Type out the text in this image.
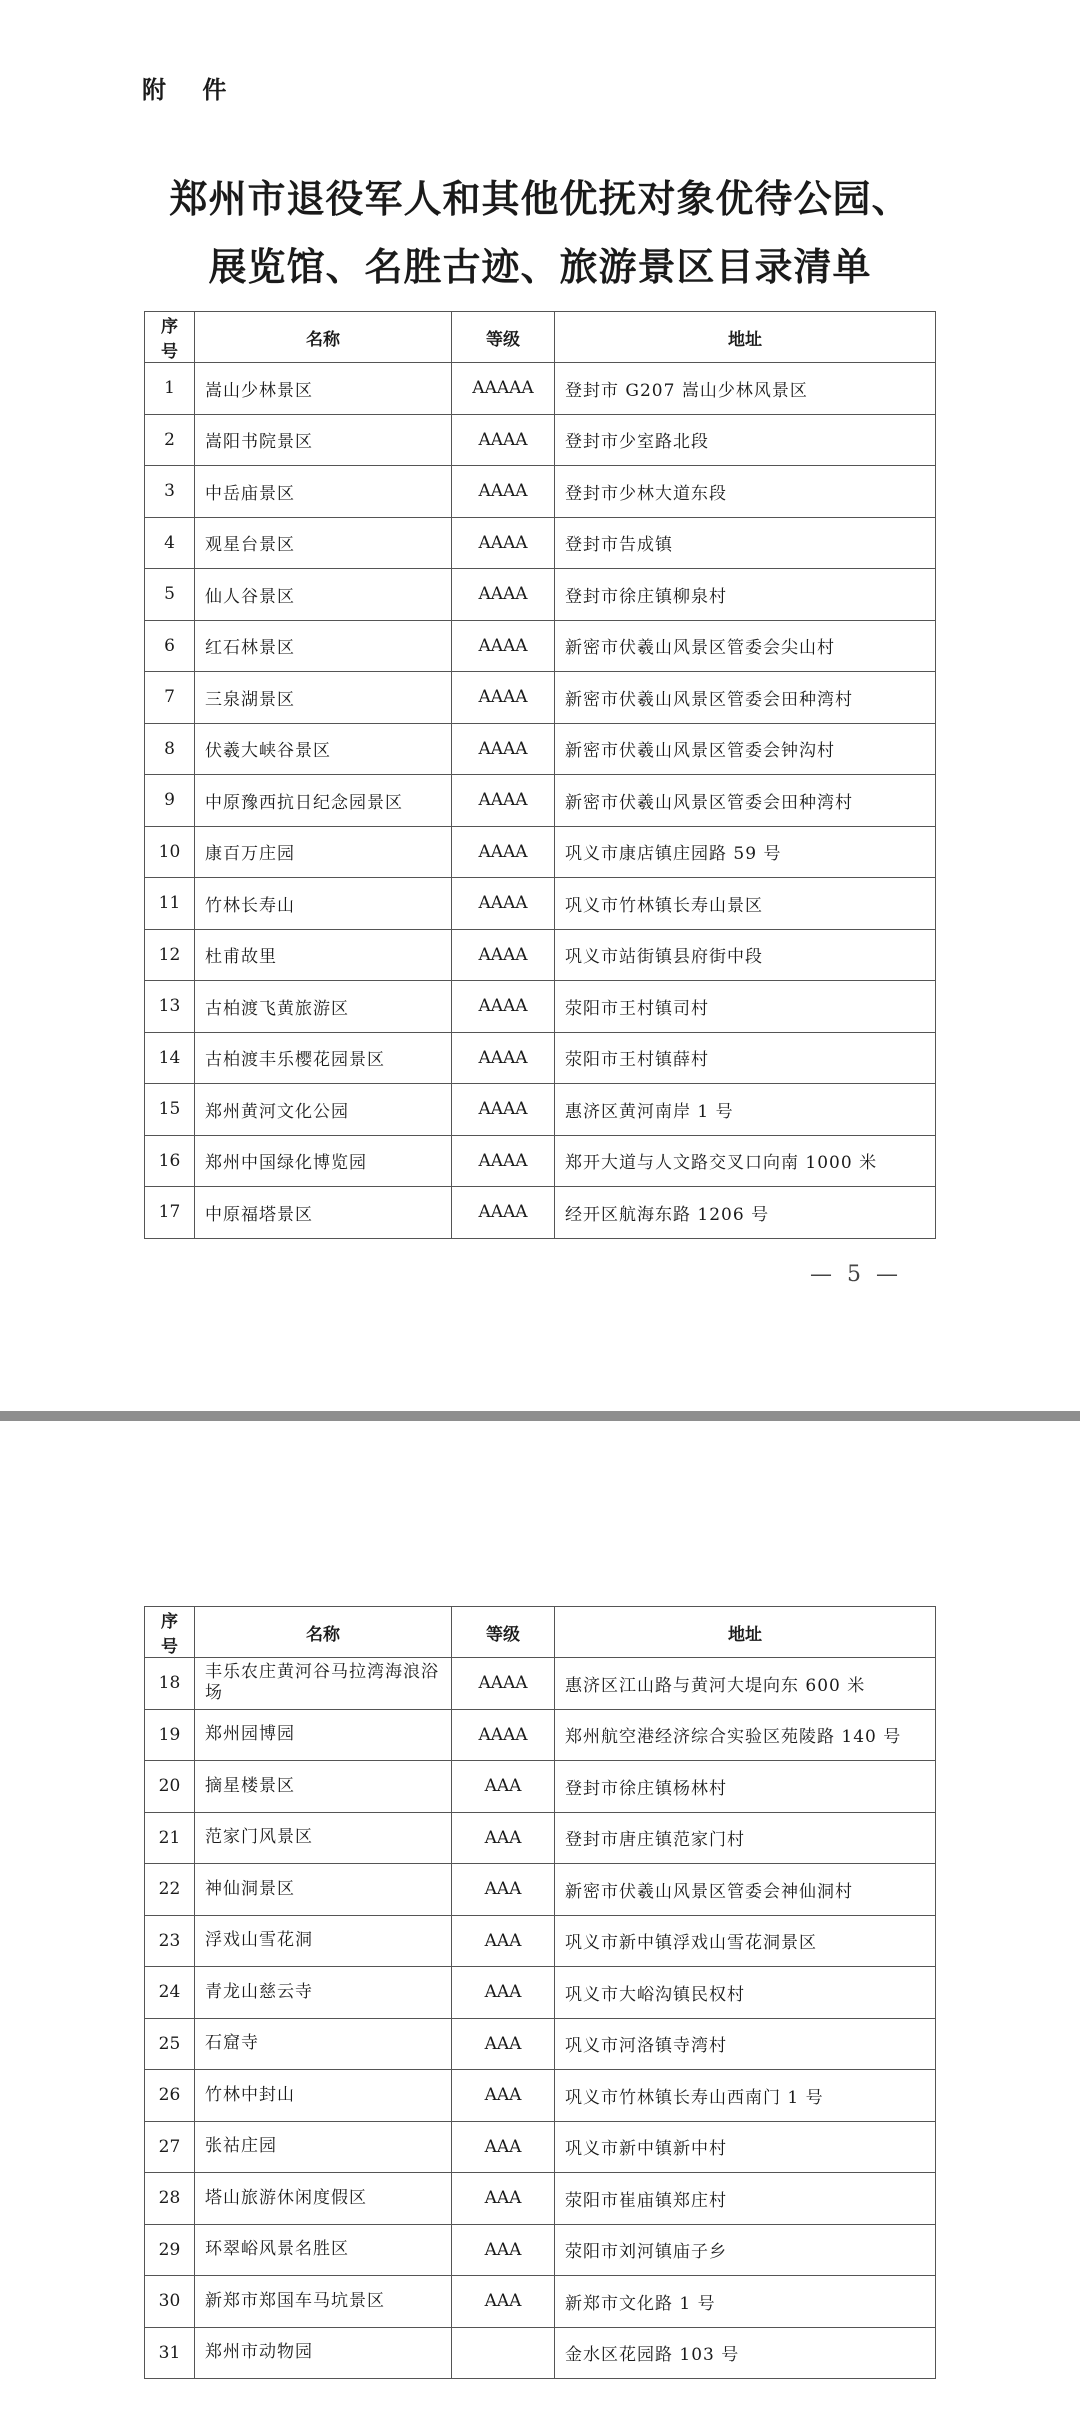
附 件
郑州市退役军人和其他优抚对象优待公园、
展览馆、名胜古迹、旅游景区目录清单
序号	名称	等级	地址
1	嵩山少林景区	AAAAA	登封市 G207 嵩山少林风景区
2	嵩阳书院景区	AAAA	登封市少室路北段
3	中岳庙景区	AAAA	登封市少林大道东段
4	观星台景区	AAAA	登封市告成镇
5	仙人谷景区	AAAA	登封市徐庄镇柳泉村
6	红石林景区	AAAA	新密市伏羲山风景区管委会尖山村
7	三泉湖景区	AAAA	新密市伏羲山风景区管委会田种湾村
8	伏羲大峡谷景区	AAAA	新密市伏羲山风景区管委会钟沟村
9	中原豫西抗日纪念园景区	AAAA	新密市伏羲山风景区管委会田种湾村
10	康百万庄园	AAAA	巩义市康店镇庄园路 59 号
11	竹林长寿山	AAAA	巩义市竹林镇长寿山景区
12	杜甫故里	AAAA	巩义市站街镇县府街中段
13	古柏渡飞黄旅游区	AAAA	荥阳市王村镇司村
14	古柏渡丰乐樱花园景区	AAAA	荥阳市王村镇薛村
15	郑州黄河文化公园	AAAA	惠济区黄河南岸 1 号
16	郑州中国绿化博览园	AAAA	郑开大道与人文路交叉口向南 1000 米
17	中原福塔景区	AAAA	经开区航海东路 1206 号
— 5 —
序号	名称	等级	地址
18	丰乐农庄黄河谷马拉湾海浪浴场	AAAA	惠济区江山路与黄河大堤向东 600 米
19	郑州园博园	AAAA	郑州航空港经济综合实验区苑陵路 140 号
20	摘星楼景区	AAA	登封市徐庄镇杨林村
21	范家门风景区	AAA	登封市唐庄镇范家门村
22	神仙洞景区	AAA	新密市伏羲山风景区管委会神仙洞村
23	浮戏山雪花洞	AAA	巩义市新中镇浮戏山雪花洞景区
24	青龙山慈云寺	AAA	巩义市大峪沟镇民权村
25	石窟寺	AAA	巩义市河洛镇寺湾村
26	竹林中封山	AAA	巩义市竹林镇长寿山西南门 1 号
27	张祜庄园	AAA	巩义市新中镇新中村
28	塔山旅游休闲度假区	AAA	荥阳市崔庙镇郑庄村
29	环翠峪风景名胜区	AAA	荥阳市刘河镇庙子乡
30	新郑市郑国车马坑景区	AAA	新郑市文化路 1 号
31	郑州市动物园		金水区花园路 103 号
